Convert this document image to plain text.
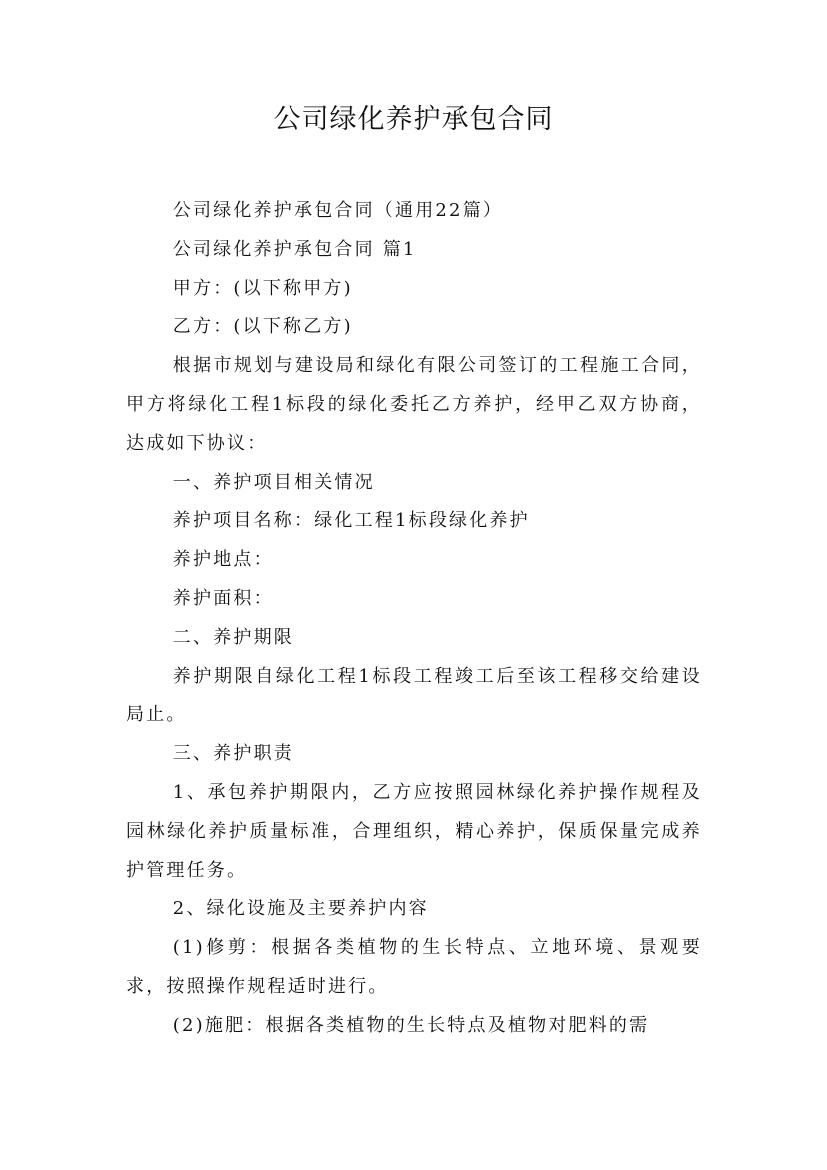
公司绿化养护承包合同

公司绿化养护承包合同（通用22篇）

公司绿化养护承包合同 篇1

甲方：(以下称甲方)

乙方：(以下称乙方)

根据市规划与建设局和绿化有限公司签订的工程施工合同，甲方将绿化工程1标段的绿化委托乙方养护，经甲乙双方协商，达成如下协议：

一、养护项目相关情况

养护项目名称：绿化工程1标段绿化养护

养护地点：

养护面积：

二、养护期限

养护期限自绿化工程1标段工程竣工后至该工程移交给建设局止。

三、养护职责

1、承包养护期限内，乙方应按照园林绿化养护操作规程及园林绿化养护质量标准，合理组织，精心养护，保质保量完成养护管理任务。

2、绿化设施及主要养护内容

(1)修剪：根据各类植物的生长特点、立地环境、景观要求，按照操作规程适时进行。

(2)施肥：根据各类植物的生长特点及植物对肥料的需
